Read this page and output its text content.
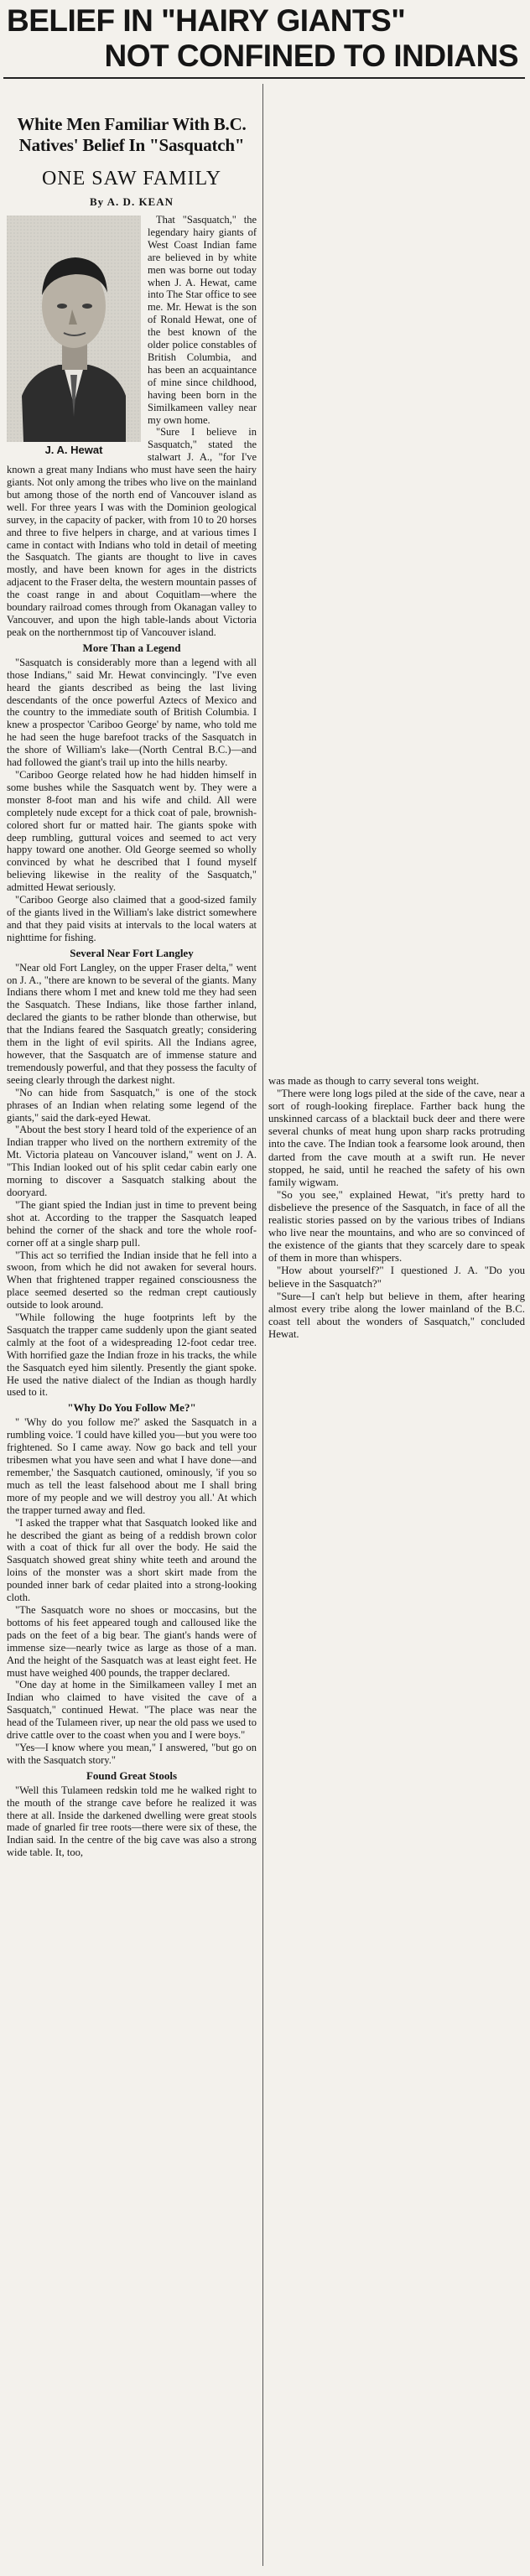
BELIEF IN "HAIRY GIANTS"
NOT CONFINED TO INDIANS
White Men Familiar With B.C. Natives' Belief In "Sasquatch"
ONE SAW FAMILY
By A. D. KEAN
J. A. Hewat

That "Sasquatch," the legendary hairy giants of West Coast Indian fame are believed in by white men was borne out today when J. A. Hewat, came into The Star office to see me. Mr. Hewat is the son of Ronald Hewat, one of the best known of the older police constables of British Columbia, and has been an acquaintance of mine since childhood, having been born in the Similkameen valley near my own home.

"Sure I believe in Sasquatch," stated the stalwart J. A., "for I've known a great many Indians who must have seen the hairy giants. Not only among the tribes who live on the mainland but among those of the north end of Vancouver island as well. For three years I was with the Dominion geological survey, in the capacity of packer, with from 10 to 20 horses and three to five helpers in charge, and at various times I came in contact with Indians who told in detail of meeting the Sasquatch. The giants are thought to live in caves mostly, and have been known for ages in the districts adjacent to the Fraser delta, the western mountain passes of the coast range in and about Coquitlam—where the boundary railroad comes through from Okanagan valley to Vancouver, and upon the high table-lands about Victoria peak on the northernmost tip of Vancouver island.

More Than a Legend

"Sasquatch is considerably more than a legend with all those Indians," said Mr. Hewat convincingly. "I've even heard the giants described as being the last living descendants of the once powerful Aztecs of Mexico and the country to the immediate south of British Columbia. I knew a prospector 'Cariboo George' by name, who told me he had seen the huge barefoot tracks of the Sasquatch in the shore of William's lake—(North Central B.C.)—and had followed the giant's trail up into the hills nearby.

"Cariboo George related how he had hidden himself in some bushes while the Sasquatch went by. They were a monster 8-foot man and his wife and child. All were completely nude except for a thick coat of pale, brownish-colored short fur or matted hair. The giants spoke with deep rumbling, guttural voices and seemed to act very happy toward one another. Old George seemed so wholly convinced by what he described that I found myself believing likewise in the reality of the Sasquatch," admitted Hewat seriously.

"Cariboo George also claimed that a good-sized family of the giants lived in the William's lake district somewhere and that they paid visits at intervals to the local waters at nighttime for fishing.

Several Near Fort Langley

"Near old Fort Langley, on the upper Fraser delta," went on J. A., "there are known to be several of the giants. Many Indians there whom I met and knew told me they had seen the Sasquatch. These Indians, like those farther inland, declared the giants to be rather blonde than otherwise, but that the Indians feared the Sasquatch greatly; considering them in the light of evil spirits. All the Indians agree, however, that the Sasquatch are of immense stature and tremendously powerful, and that they possess the faculty of seeing clearly through the darkest night.

"No can hide from Sasquatch," is one of the stock phrases of an Indian when relating some legend of the giants," said the dark-eyed Hewat.

"About the best story I heard told of the experience of an Indian trapper who lived on the northern extremity of the Mt. Victoria plateau on Vancouver island," went on J. A. "This Indian looked out of his split cedar cabin early one morning to discover a Sasquatch stalking about the dooryard.

"The giant spied the Indian just in time to prevent being shot at. According to the trapper the Sasquatch leaped behind the corner of the shack and tore the whole roof-corner off at a single sharp pull.

"This act so terrified the Indian inside that he fell into a swoon, from which he did not awaken for several hours. When that frightened trapper regained consciousness the place seemed deserted so the redman crept cautiously outside to look around.

"While following the huge footprints left by the Sasquatch the trapper came suddenly upon the giant seated calmly at the foot of a widespreading 12-foot cedar tree. With horrified gaze the Indian froze in his tracks, the while the Sasquatch eyed him silently. Presently the giant spoke. He used the native dialect of the Indian as though hardly used to it.

"Why Do You Follow Me?"

" 'Why do you follow me?' asked the Sasquatch in a rumbling voice. 'I could have killed you—but you were too frightened. So I came away. Now go back and tell your tribesmen what you have seen and what I have done—and remember,' the Sasquatch cautioned, ominously, 'if you so much as tell the least falsehood about me I shall bring more of my people and we will destroy you all.' At which the trapper turned away and fled.

"I asked the trapper what that Sasquatch looked like and he described the giant as being of a reddish brown color with a coat of thick fur all over the body. He said the Sasquatch showed great shiny white teeth and around the loins of the monster was a short skirt made from the pounded inner bark of cedar plaited into a strong-looking cloth.

"The Sasquatch wore no shoes or moccasins, but the bottoms of his feet appeared tough and calloused like the pads on the feet of a big bear. The giant's hands were of immense size—nearly twice as large as those of a man. And the height of the Sasquatch was at least eight feet. He must have weighed 400 pounds, the trapper declared.

"One day at home in the Similkameen valley I met an Indian who claimed to have visited the cave of a Sasquatch," continued Hewat. "The place was near the head of the Tulameen river, up near the old pass we used to drive cattle over to the coast when you and I were boys."

"Yes—I know where you mean," I answered, "but go on with the Sasquatch story."

Found Great Stools

"Well this Tulameen redskin told me he walked right to the mouth of the strange cave before he realized it was there at all. Inside the darkened dwelling were great stools made of gnarled fir tree roots—there were six of these, the Indian said. In the centre of the big cave was also a strong wide table. It, too,

was made as though to carry several tons weight.

"There were long logs piled at the side of the cave, near a sort of rough-looking fireplace. Farther back hung the unskinned carcass of a blacktail buck deer and there were several chunks of meat hung upon sharp racks protruding into the cave. The Indian took a fearsome look around, then darted from the cave mouth at a swift run. He never stopped, he said, until he reached the safety of his own family wigwam.

"So you see," explained Hewat, "it's pretty hard to disbelieve the presence of the Sasquatch, in face of all the realistic stories passed on by the various tribes of Indians who live near the mountains, and who are so convinced of the existence of the giants that they scarcely dare to speak of them in more than whispers.

"How about yourself?" I questioned J. A. "Do you believe in the Sasquatch?"

"Sure—I can't help but believe in them, after hearing almost every tribe along the lower mainland of the B.C. coast tell about the wonders of Sasquatch," concluded Hewat.
